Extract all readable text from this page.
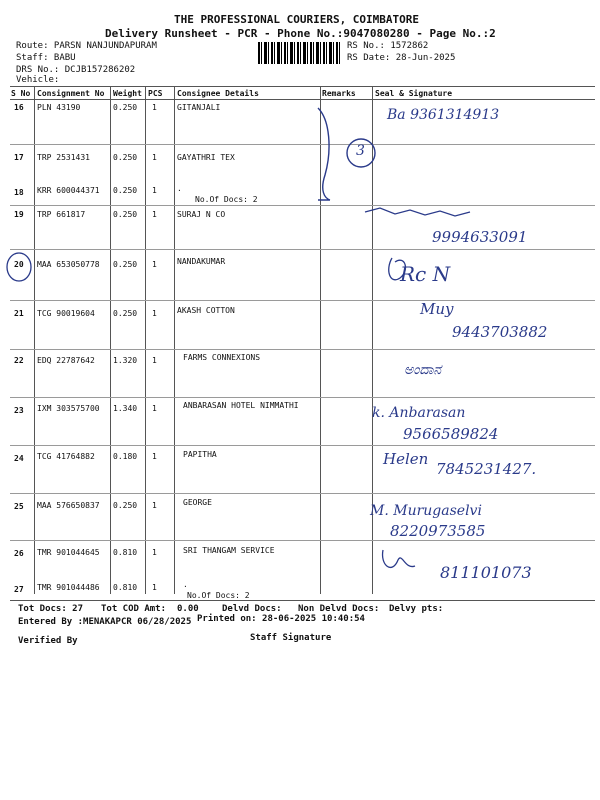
THE PROFESSIONAL COURIERS, COIMBATORE
Delivery Runsheet - PCR - Phone No.:9047080280 - Page No.:2
Route: PARSN NANJUNDAPURAM
Staff: BABU
DRS No.: DCJB157286202
Vehicle:
RS No.: 1572862
RS Date: 28-Jun-2025
S No Consignment No Weight PCS Consignee Details	Remarks Seal & Signature
16 PLN 43190	0.250 1	GITANJALI
17 TRP 2531431	0.250 1	GAYATHRI TEX
18 KRR 600044371 0.250 1	.
No.Of Docs: 2
19 TRP 661817	0.250 1	SURAJ N CO
20 MAA 653050778 0.250 1	NANDAKUMAR
21 TCG 90019604 0.250 1	AKASH COTTON
22 EDQ 22787642 1.320 1	FARMS CONNEXIONS
23 IXM 303575700 1.340 1	ANBARASAN HOTEL NIMMATHI
24 TCG 41764882 0.180 1	PAPITHA
25 MAA 576650837 0.250 1	GEORGE
26 TMR 901044645 0.810 1	SRI THANGAM SERVICE
27 TMR 901044486 0.810 1	.
No.Of Docs: 2
3
Ba 9361314913
9994633091
Rc N
Muy
9443703882
ಅಂದಾನ
k. Anbarasan
9566589824
Helen
7845231427.
M. Murugaselvi
8220973585
811101073
Tot Docs: 27 Tot COD Amt: 0.00	Delvd Docs: Non Delvd Docs: Delvy pts:
Entered By :MENAKAPCR 06/28/2025 Printed on: 28-06-2025 10:40:54
Verified By	Staff Signature
